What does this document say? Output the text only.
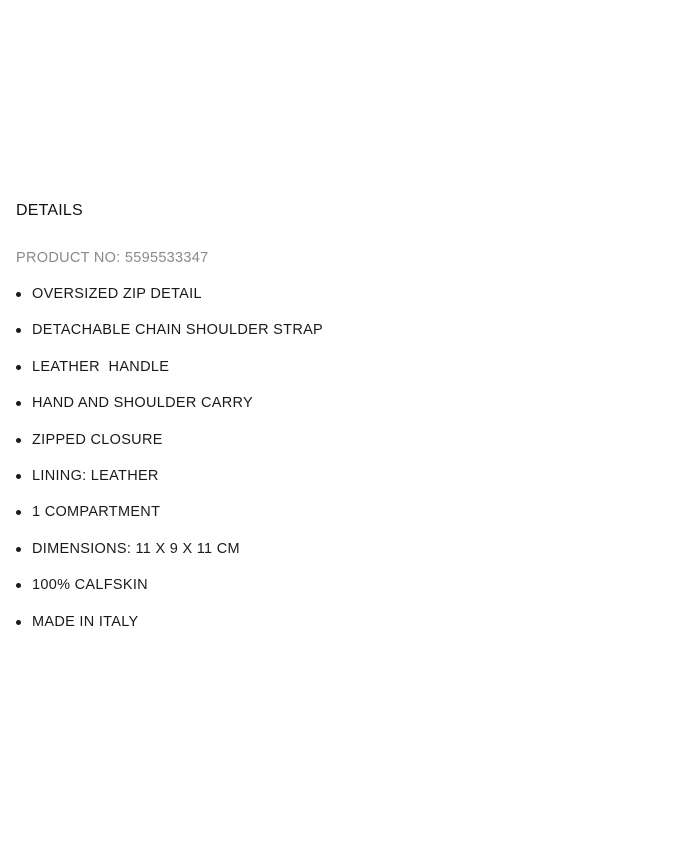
DETAILS
PRODUCT NO: 5595533347
OVERSIZED ZIP DETAIL
DETACHABLE CHAIN SHOULDER STRAP
LEATHER  HANDLE
HAND AND SHOULDER CARRY
ZIPPED CLOSURE
LINING: LEATHER
1 COMPARTMENT
DIMENSIONS: 11 X 9 X 11 CM
100% CALFSKIN
MADE IN ITALY
